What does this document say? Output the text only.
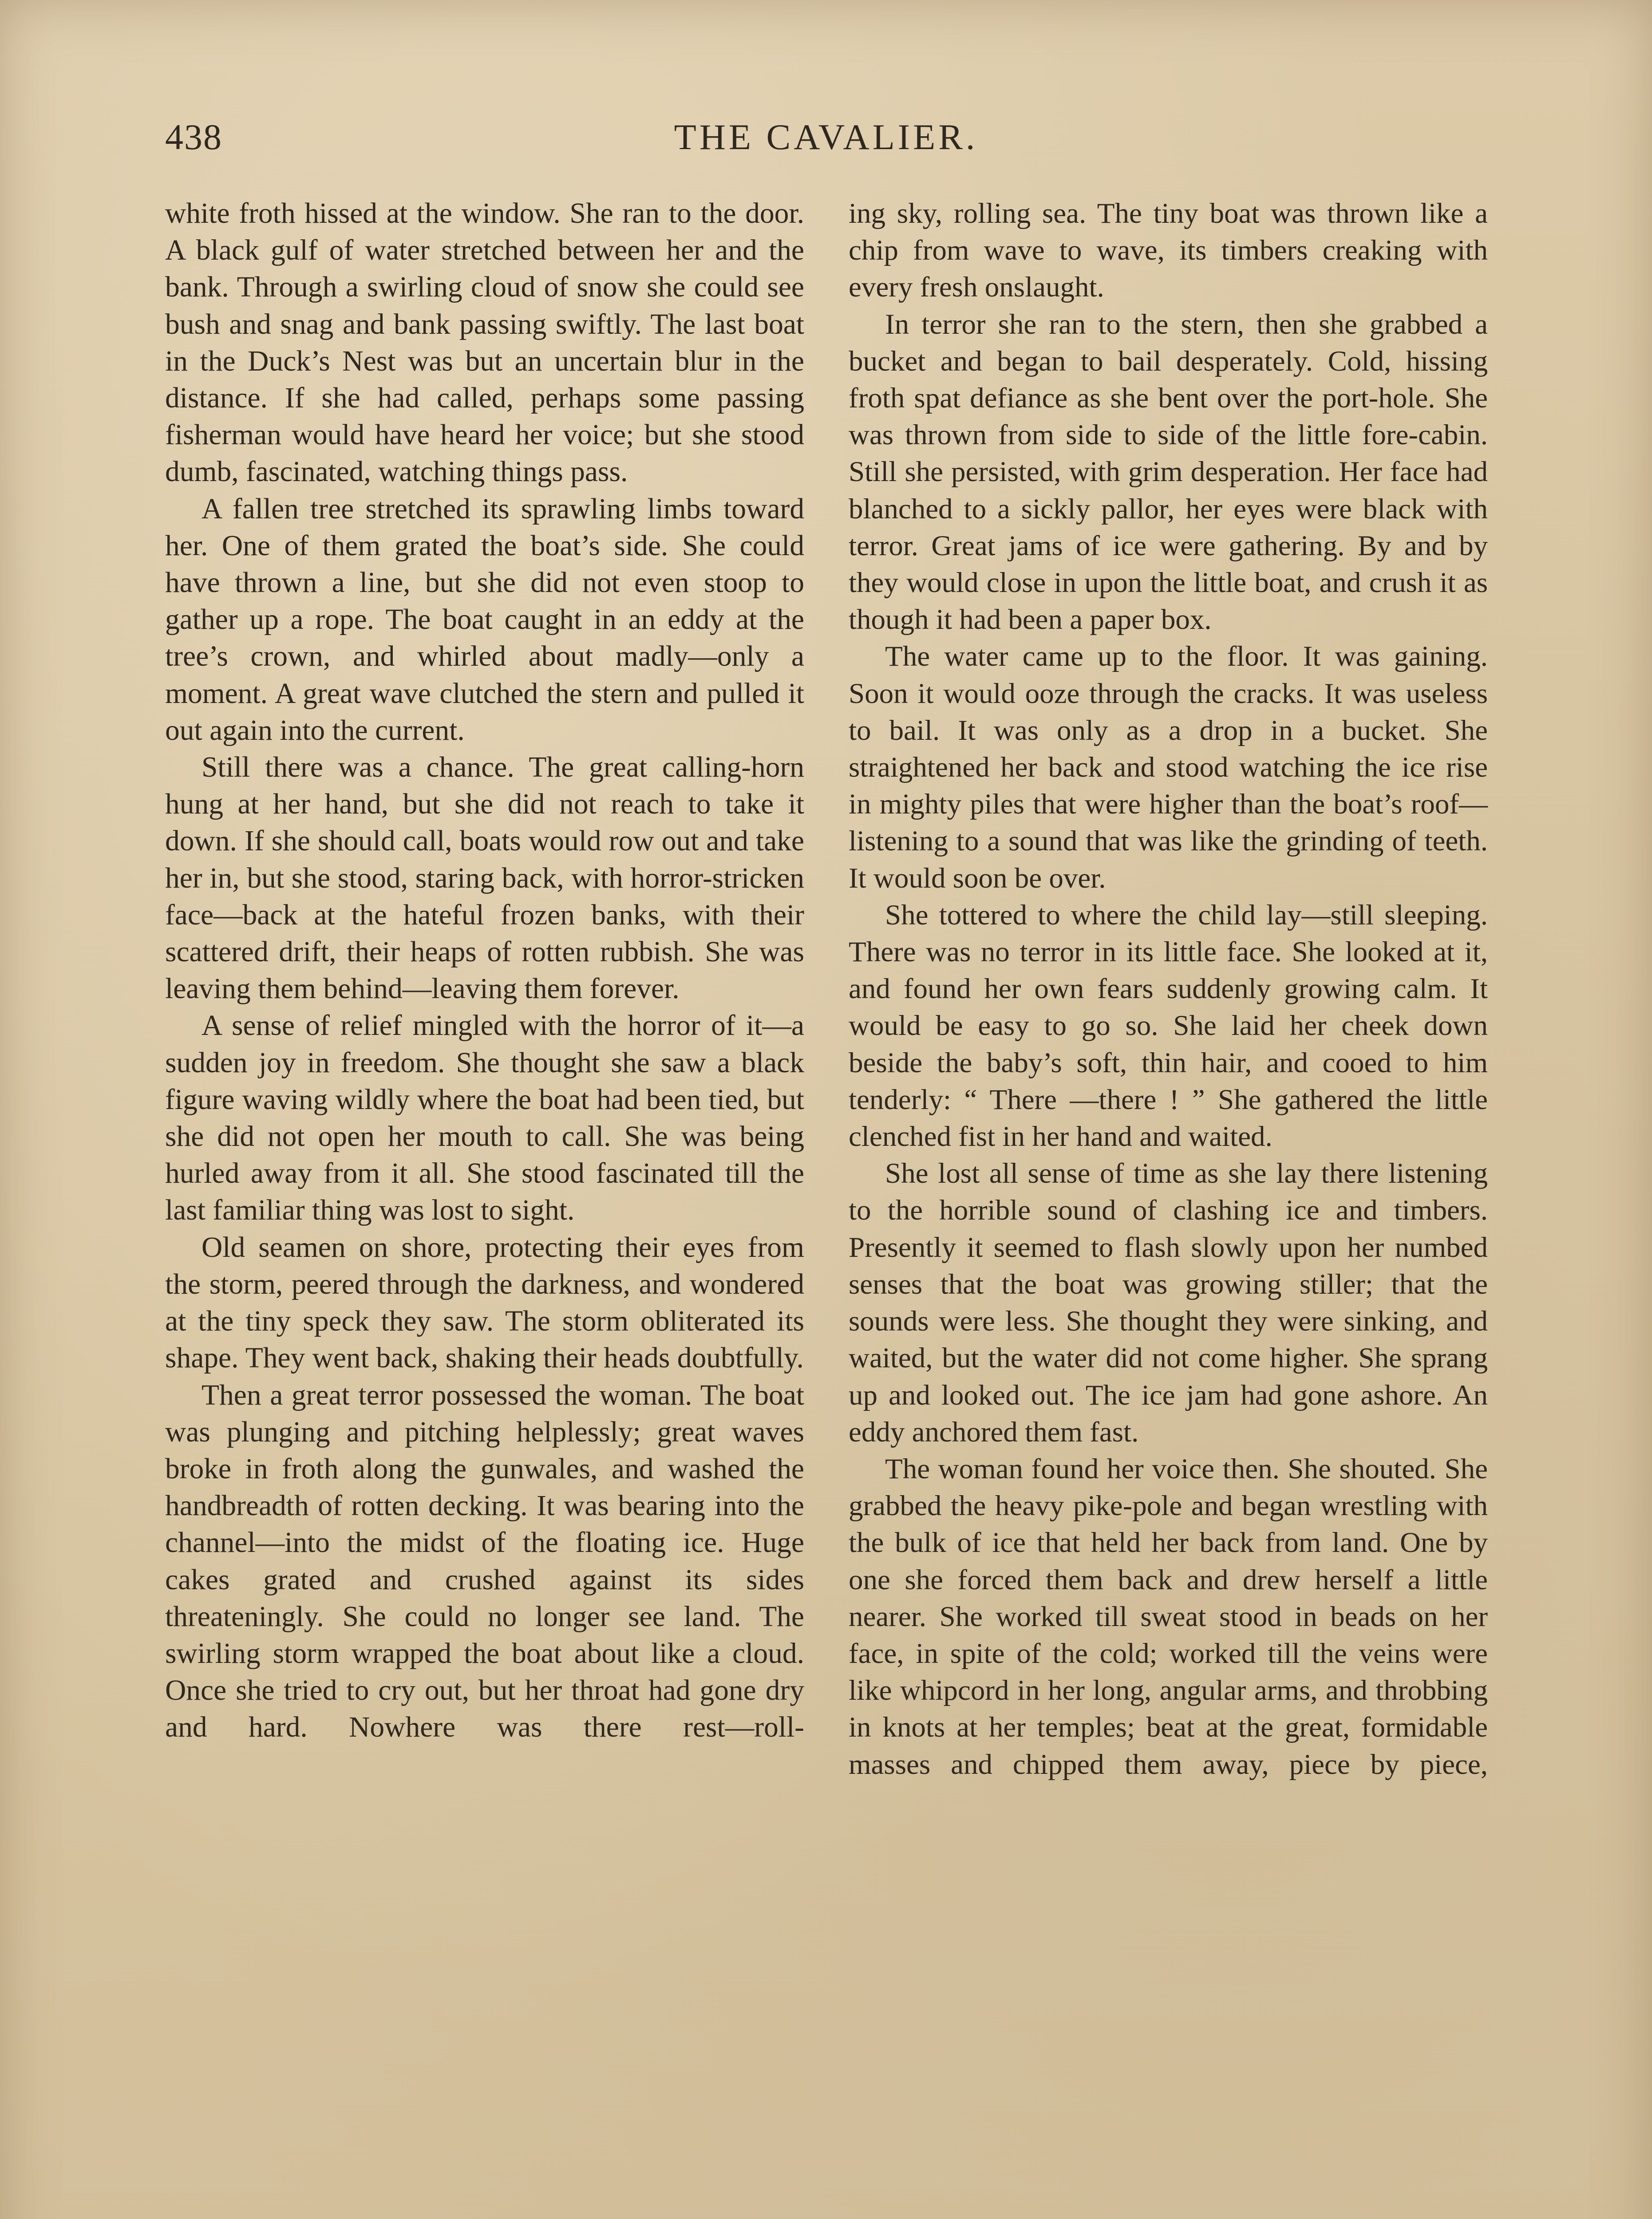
438	THE CAVALIER.

white froth hissed at the window. She ran to the door. A black gulf of water stretched between her and the bank. Through a swirling cloud of snow she could see bush and snag and bank passing swiftly. The last boat in the Duck’s Nest was but an uncertain blur in the distance. If she had called, perhaps some passing fisherman would have heard her voice; but she stood dumb, fascinated, watching things pass.

A fallen tree stretched its sprawling limbs toward her. One of them grated the boat’s side. She could have thrown a line, but she did not even stoop to gather up a rope. The boat caught in an eddy at the tree’s crown, and whirled about madly—only a moment. A great wave clutched the stern and pulled it out again into the current.

Still there was a chance. The great calling-horn hung at her hand, but she did not reach to take it down. If she should call, boats would row out and take her in, but she stood, staring back, with horror-stricken face—back at the hateful frozen banks, with their scattered drift, their heaps of rotten rubbish. She was leaving them behind—leaving them forever.

A sense of relief mingled with the horror of it—a sudden joy in freedom. She thought she saw a black figure waving wildly where the boat had been tied, but she did not open her mouth to call. She was being hurled away from it all. She stood fascinated till the last familiar thing was lost to sight.

Old seamen on shore, protecting their eyes from the storm, peered through the darkness, and wondered at the tiny speck they saw. The storm obliterated its shape. They went back, shaking their heads doubtfully.

Then a great terror possessed the woman. The boat was plunging and pitching helplessly; great waves broke in froth along the gunwales, and washed the handbreadth of rotten decking. It was bearing into the channel—into the midst of the floating ice. Huge cakes grated and crushed against its sides threateningly. She could no longer see land. The swirling storm wrapped the boat about like a cloud. Once she tried to cry out, but her throat had gone dry and hard. Nowhere was there rest—roll-

ing sky, rolling sea. The tiny boat was thrown like a chip from wave to wave, its timbers creaking with every fresh onslaught.

In terror she ran to the stern, then she grabbed a bucket and began to bail desperately. Cold, hissing froth spat defiance as she bent over the port-hole. She was thrown from side to side of the little fore-cabin. Still she persisted, with grim desperation. Her face had blanched to a sickly pallor, her eyes were black with terror. Great jams of ice were gathering. By and by they would close in upon the little boat, and crush it as though it had been a paper box.

The water came up to the floor. It was gaining. Soon it would ooze through the cracks. It was useless to bail. It was only as a drop in a bucket. She straightened her back and stood watching the ice rise in mighty piles that were higher than the boat’s roof—listening to a sound that was like the grinding of teeth. It would soon be over.

She tottered to where the child lay—still sleeping. There was no terror in its little face. She looked at it, and found her own fears suddenly growing calm. It would be easy to go so. She laid her cheek down beside the baby’s soft, thin hair, and cooed to him tenderly: “ There —there ! ” She gathered the little clenched fist in her hand and waited.

She lost all sense of time as she lay there listening to the horrible sound of clashing ice and timbers. Presently it seemed to flash slowly upon her numbed senses that the boat was growing stiller; that the sounds were less. She thought they were sinking, and waited, but the water did not come higher. She sprang up and looked out. The ice jam had gone ashore. An eddy anchored them fast.

The woman found her voice then. She shouted. She grabbed the heavy pike-pole and began wrestling with the bulk of ice that held her back from land. One by one she forced them back and drew herself a little nearer. She worked till sweat stood in beads on her face, in spite of the cold; worked till the veins were like whipcord in her long, angular arms, and throbbing in knots at her temples; beat at the great, formidable masses and chipped them away, piece by piece,
